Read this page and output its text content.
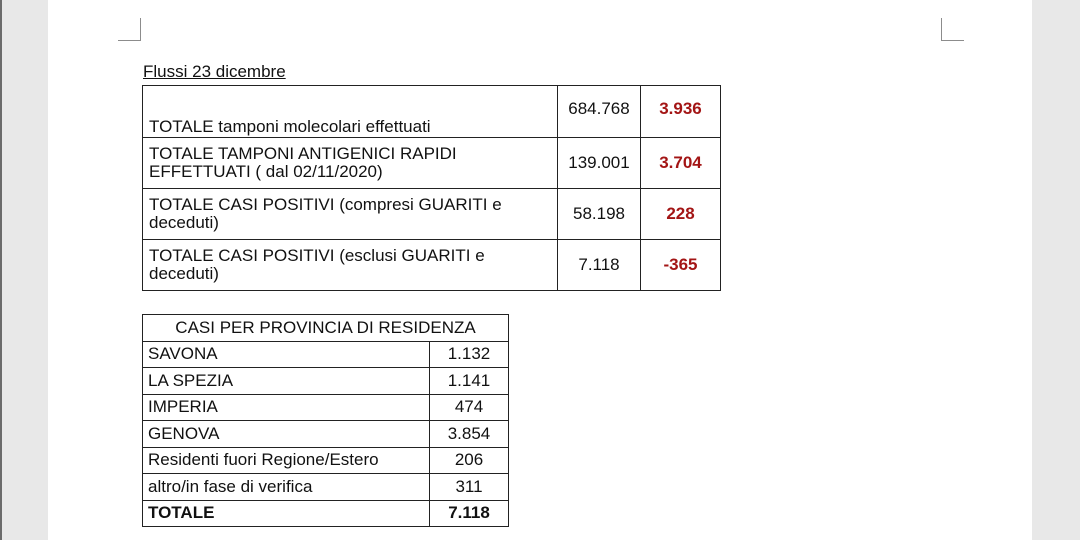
Flussi 23 dicembre
TOTALE tamponi molecolari effettuati	684.768	3.936
TOTALE TAMPONI ANTIGENICI RAPIDI EFFETTUATI ( dal 02/11/2020)	139.001	3.704
TOTALE CASI POSITIVI (compresi GUARITI e deceduti)	58.198	228
TOTALE CASI POSITIVI (esclusi GUARITI e deceduti)	7.118	-365
CASI PER PROVINCIA DI RESIDENZA	
SAVONA	1.132
LA SPEZIA	1.141
IMPERIA	474
GENOVA	3.854
Residenti fuori Regione/Estero	206
altro/in fase di verifica	311
TOTALE	7.118
